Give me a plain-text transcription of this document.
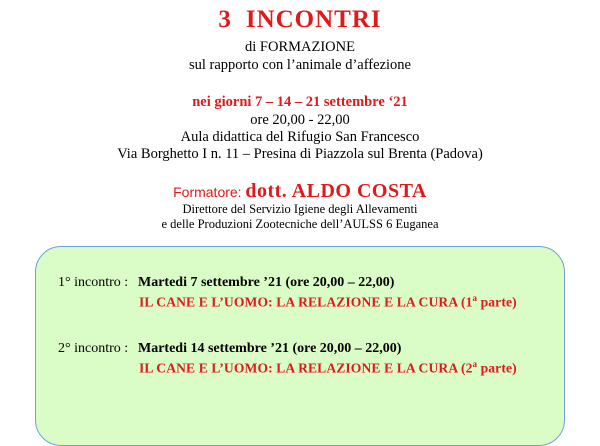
3 INCONTRI
di FORMAZIONE
sul rapporto con l’animale d’affezione
nei giorni 7 – 14 – 21 settembre ‘21
ore 20,00 - 22,00
Aula didattica del Rifugio San Francesco
Via Borghetto I n. 11 – Presina di Piazzola sul Brenta (Padova)
Formatore: dott. ALDO COSTA
Direttore del Servizio Igiene degli Allevamenti
e delle Produzioni Zootecniche dell’AULSS 6 Euganea
1° incontro : Martedi 7 settembre ’21 (ore 20,00 – 22,00)
IL CANE E L’UOMO: LA RELAZIONE E LA CURA (1$^a$ parte)
2° incontro : Martedi 14 settembre ’21 (ore 20,00 – 22,00)
IL CANE E L’UOMO: LA RELAZIONE E LA CURA (2$^a$ parte)
